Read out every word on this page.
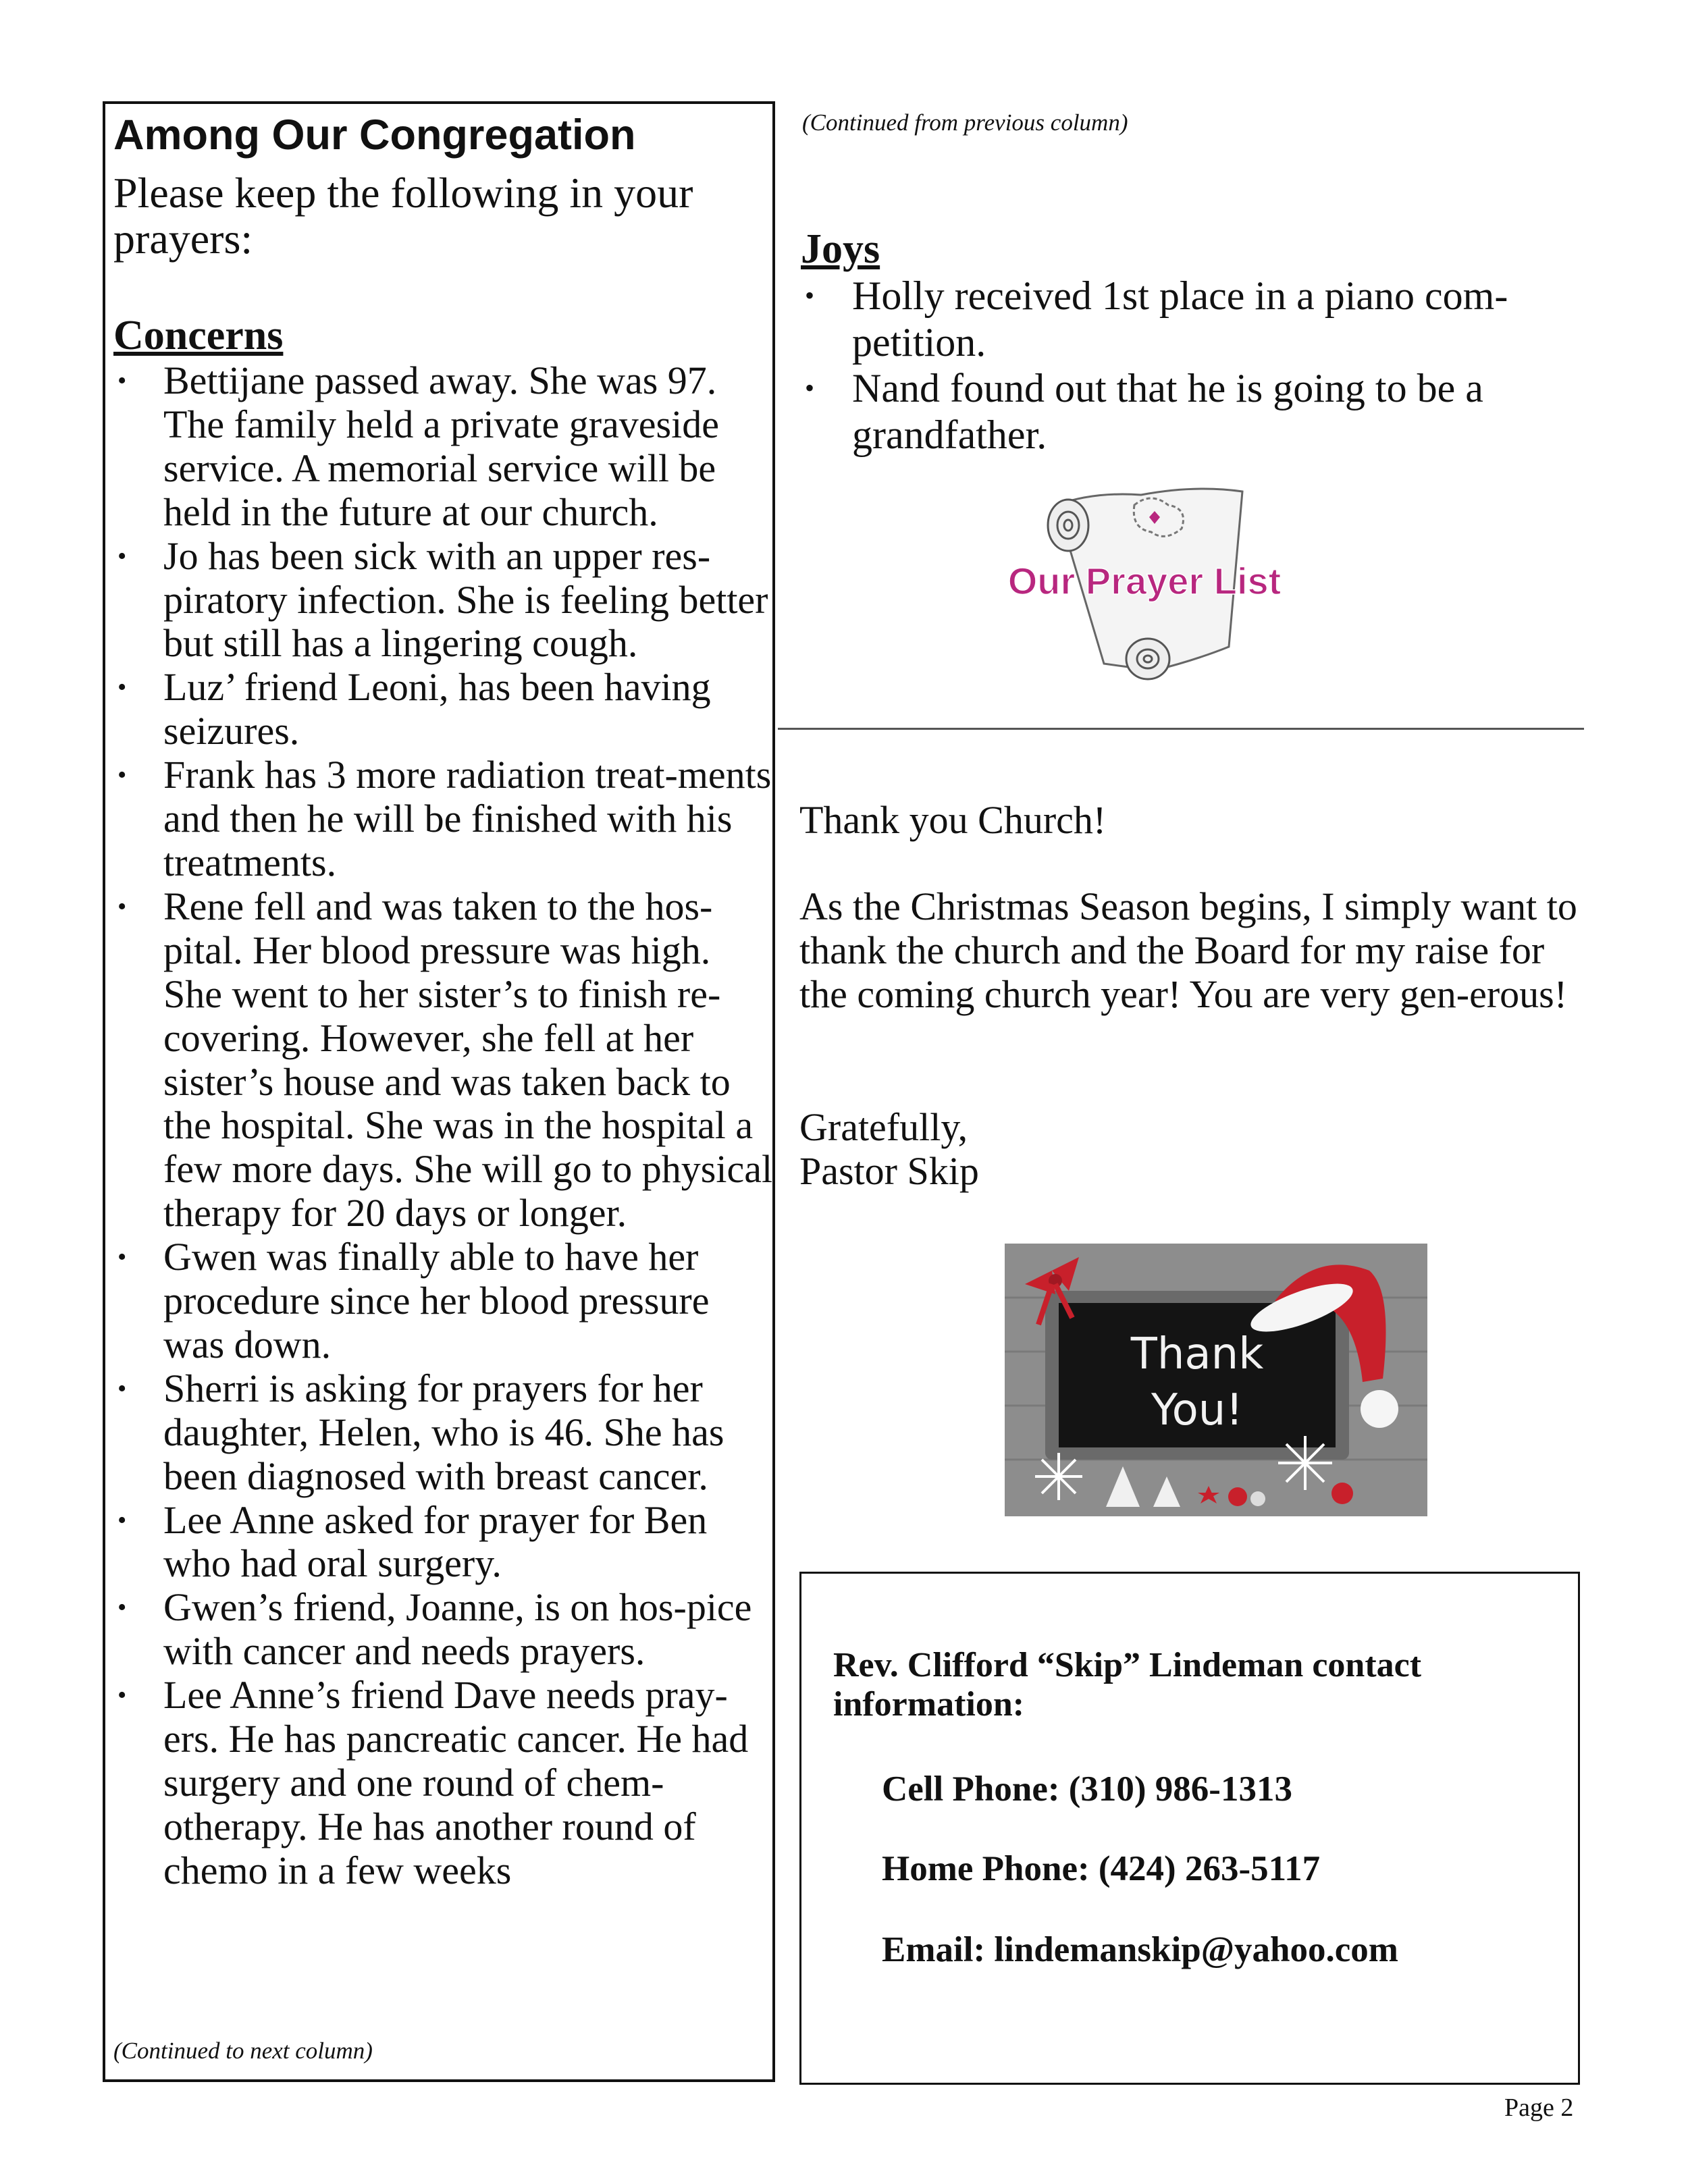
Among Our Congregation
Please keep the following in your prayers:
Concerns
• Bettijane passed away. She was 97. The family held a private graveside service. A memorial service will be held in the future at our church.
• Jo has been sick with an upper res-piratory infection. She is feeling better but still has a lingering cough.
• Luz’ friend Leoni, has been having seizures.
• Frank has 3 more radiation treat-ments and then he will be finished with his treatments.
• Rene fell and was taken to the hos-pital. Her blood pressure was high. She went to her sister’s to finish re-covering. However, she fell at her sister’s house and was taken back to the hospital. She was in the hospital a few more days. She will go to physical therapy for 20 days or longer.
• Gwen was finally able to have her procedure since her blood pressure was down.
• Sherri is asking for prayers for her daughter, Helen, who is 46. She has been diagnosed with breast cancer.
• Lee Anne asked for prayer for Ben who had oral surgery.
• Gwen’s friend, Joanne, is on hos-pice with cancer and needs prayers.
• Lee Anne’s friend Dave needs pray-ers. He has pancreatic cancer. He had surgery and one round of chem-otherapy. He has another round of chemo in a few weeks
(Continued to next column)
(Continued from previous column)
Joys
• Holly received 1st place in a piano com-petition.
• Nand found out that he is going to be a grandfather.
Our Prayer List
Thank you Church!
As the Christmas Season begins, I simply want to thank the church and the Board for my raise for the coming church year! You are very gen-erous!
Gratefully,
Pastor Skip
Thank
You!
Rev. Clifford “Skip” Lindeman contact information:
Cell Phone: (310) 986-1313
Home Phone: (424) 263-5117
Email: lindemanskip@yahoo.com
Page 2
